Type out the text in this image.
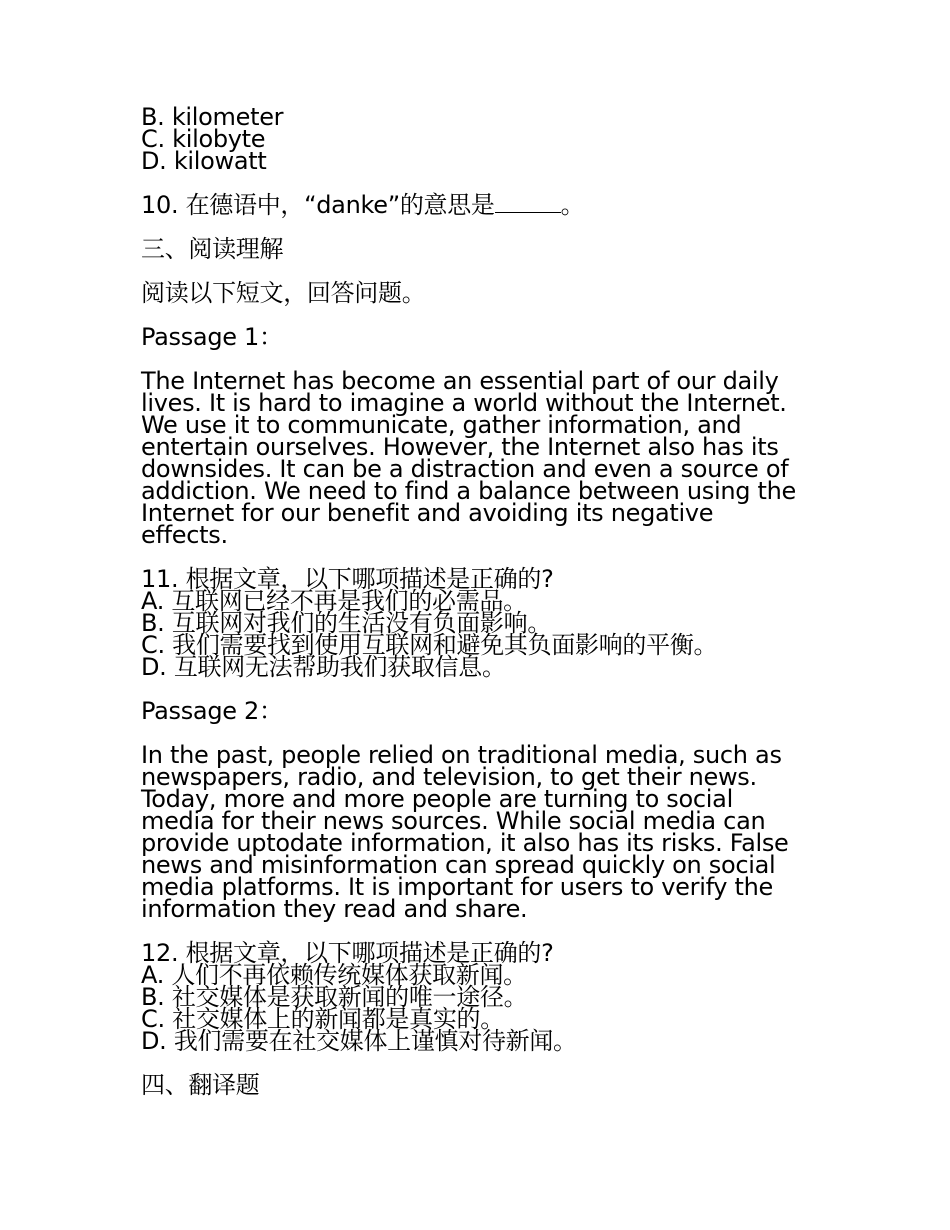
B. kilometer
C. kilobyte
D. kilowatt
10. 在德语中，“danke”的意思是	。
三、阅读理解
阅读以下短文，回答问题。
Passage 1：
The Internet has become an essential part of our daily
lives. It is hard to imagine a world without the Internet.
We use it to communicate, gather information, and
entertain ourselves. However, the Internet also has its
downsides. It can be a distraction and even a source of
addiction. We need to find a balance between using the
Internet for our benefit and avoiding its negative
effects.
11. 根据文章，以下哪项描述是正确的?
A. 互联网已经不再是我们的必需品。
B. 互联网对我们的生活没有负面影响。
C. 我们需要找到使用互联网和避免其负面影响的平衡。
D. 互联网无法帮助我们获取信息。
Passage 2：
In the past, people relied on traditional media, such as
newspapers, radio, and television, to get their news.
Today, more and more people are turning to social
media for their news sources. While social media can
provide uptodate information, it also has its risks. False
news and misinformation can spread quickly on social
media platforms. It is important for users to verify the
information they read and share.
12. 根据文章，以下哪项描述是正确的?
A. 人们不再依赖传统媒体获取新闻。
B. 社交媒体是获取新闻的唯一途径。
C. 社交媒体上的新闻都是真实的。
D. 我们需要在社交媒体上谨慎对待新闻。
四、翻译题
